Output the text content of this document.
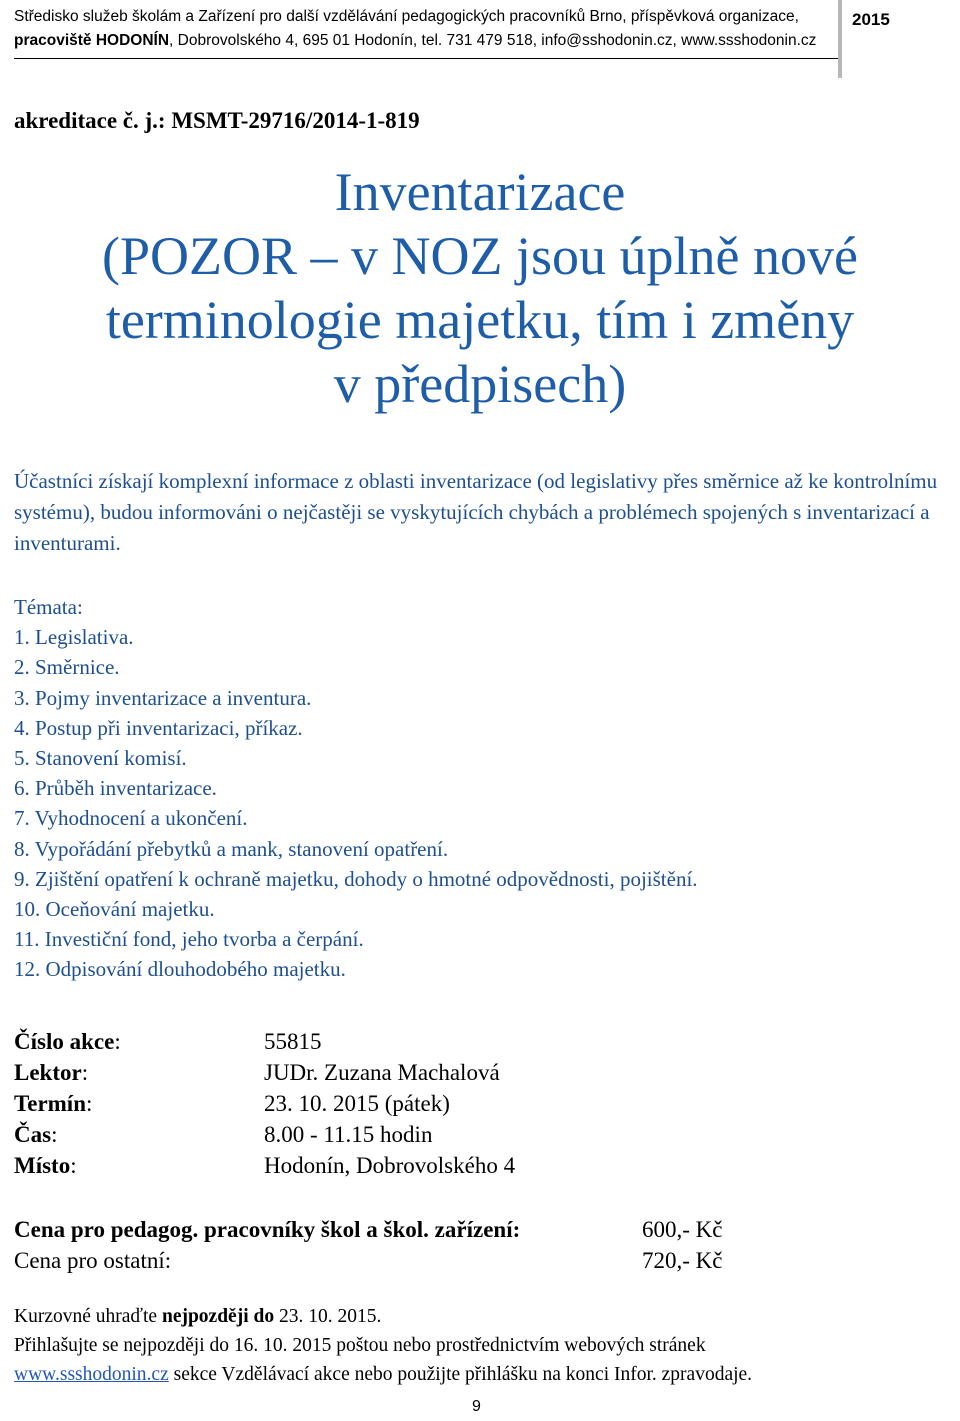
Středisko služeb školám a Zařízení pro další vzdělávání pedagogických pracovníků Brno, příspěvková organizace,
pracoviště HODONÍN, Dobrovolského 4, 695 01 Hodonín, tel. 731 479 518, info@sshodonin.cz, www.ssshodonin.cz
2015
akreditace č. j.: MSMT-29716/2014-1-819
Inventarizace
(POZOR – v NOZ jsou úplně nové
terminologie majetku, tím i změny
v předpisech)
Účastníci získají komplexní informace z oblasti inventarizace (od legislativy přes směrnice až ke kontrolnímu systému), budou informováni o nejčastěji se vyskytujících chybách a problémech spojených s inventarizací a inventurami.

Témata:

1. Legislativa.
2. Směrnice.
3. Pojmy inventarizace a inventura.
4. Postup při inventarizaci, příkaz.
5. Stanovení komisí.
6. Průběh inventarizace.
7. Vyhodnocení a ukončení.
8. Vypořádání přebytků a mank, stanovení opatření.
9. Zjištění opatření k ochraně majetku, dohody o hmotné odpovědnosti, pojištění.
10. Oceňování majetku.
11. Investiční fond, jeho tvorba a čerpání.
12. Odpisování dlouhodobého majetku.
Číslo akce:	55815
Lektor:	JUDr. Zuzana Machalová
Termín:	23. 10. 2015 (pátek)
Čas:	8.00 - 11.15 hodin
Místo:	Hodonín, Dobrovolského 4
Cena pro pedagog. pracovníky škol a škol. zařízení:	600,- Kč
Cena pro ostatní:	720,- Kč
Kurzovné uhraďte nejpozději do 23. 10. 2015.
Přihlašujte se nejpozději do 16. 10. 2015 poštou nebo prostřednictvím webových stránek
www.ssshodonin.cz sekce Vzdělávací akce nebo použijte přihlášku na konci Infor. zpravodaje.
9
